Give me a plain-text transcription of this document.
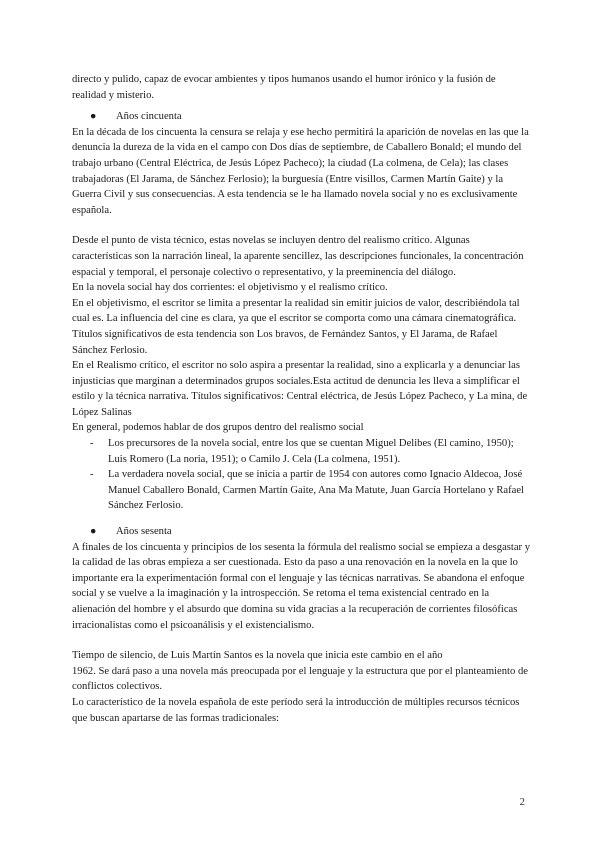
directo y pulido, capaz de evocar ambientes y tipos humanos usando el humor irónico y la fusión de realidad y misterio.

● Años cincuenta

En la década de los cincuenta la censura se relaja y ese hecho permitirá la aparición de novelas en las que la denuncia la dureza de la vida en el campo con Dos días de septiembre, de Caballero Bonald; el mundo del trabajo urbano (Central Eléctrica, de Jesús López Pacheco); la ciudad (La colmena, de Cela); las clases trabajadoras (El Jarama, de Sánchez Ferlosio); la burguesía (Entre visillos, Carmen Martín Gaite) y la Guerra Civil y sus consecuencias. A esta tendencia se le ha llamado novela social y no es exclusivamente española.

Desde el punto de vista técnico, estas novelas se incluyen dentro del realismo crítico. Algunas características son la narración lineal, la aparente sencillez, las descripciones funcionales, la concentración espacial y temporal, el personaje colectivo o representativo, y la preeminencia del diálogo.

En la novela social hay dos corrientes: el objetivismo y el realismo crítico.

En el objetivismo, el escritor se limita a presentar la realidad sin emitir juicios de valor, describiéndola tal cual es. La influencia del cine es clara, ya que el escritor se comporta como una cámara cinematográfica. Títulos significativos de esta tendencia son Los bravos, de Fernández Santos, y El Jarama, de Rafael Sánchez Ferlosio.

En el Realismo crítico, el escritor no solo aspira a presentar la realidad, sino a explicarla y a denunciar las injusticias que marginan a determinados grupos sociales.Esta actitud de denuncia les lleva a simplificar el estilo y la técnica narrativa. Títulos significativos: Central eléctrica, de Jesús López Pacheco, y La mina, de López Salinas

En general, podemos hablar de dos grupos dentro del realismo social

- Los precursores de la novela social, entre los que se cuentan Miguel Delibes (El camino, 1950); Luis Romero (La noria, 1951); o Camilo J. Cela (La colmena, 1951).
- La verdadera novela social, que se inicia a partir de 1954 con autores como Ignacio Aldecoa, José Manuel Caballero Bonald, Carmen Martín Gaite, Ana Ma Matute, Juan García Hortelano y Rafael Sánchez Ferlosio.
● Años sesenta

A finales de los cincuenta y principios de los sesenta la fórmula del realismo social se empieza a desgastar y la calidad de las obras empieza a ser cuestionada. Esto da paso a una renovación en la novela en la que lo importante era la experimentación formal con el lenguaje y las técnicas narrativas. Se abandona el enfoque social y se vuelve a la imaginación y la introspección. Se retoma el tema existencial centrado en la alienación del hombre y el absurdo que domina su vida gracias a la recuperación de corrientes filosóficas irracionalistas como el psicoanálisis y el existencialismo.

Tiempo de silencio, de Luis Martín Santos es la novela que inicia este cambio en el año

1962. Se dará paso a una novela más preocupada por el lenguaje y la estructura que por el planteamiento de conflictos colectivos.

Lo característico de la novela española de este período será la introducción de múltiples recursos técnicos que buscan apartarse de las formas tradicionales:

2
